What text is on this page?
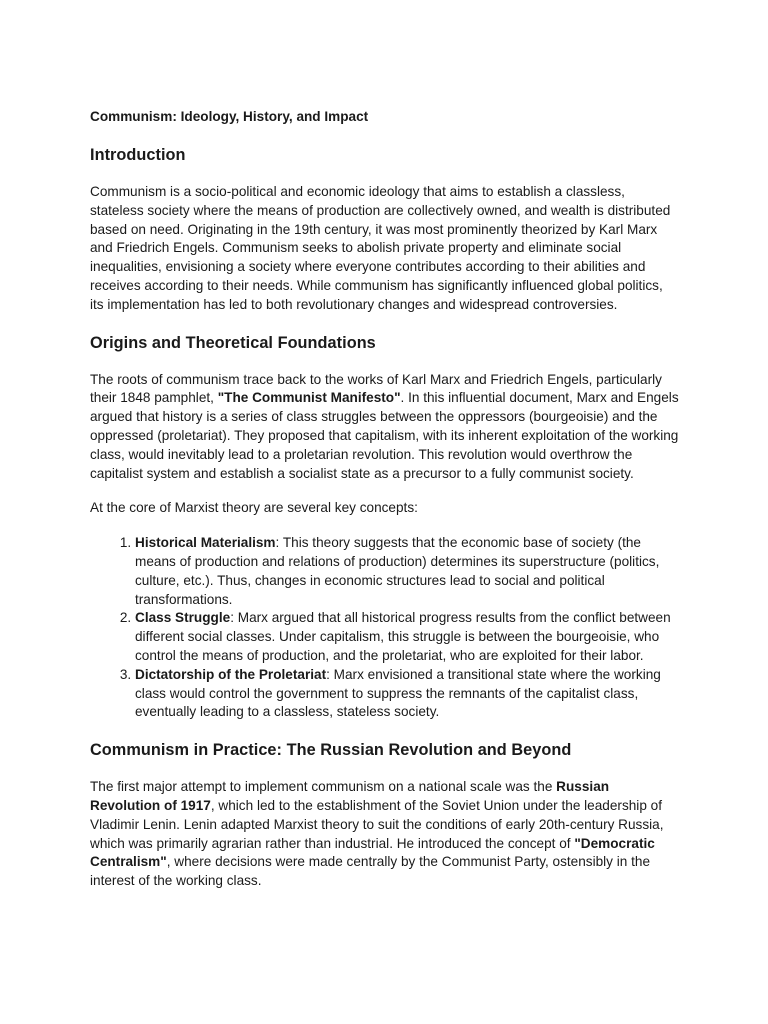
Communism: Ideology, History, and Impact
Introduction

Communism is a socio-political and economic ideology that aims to establish a classless, stateless society where the means of production are collectively owned, and wealth is distributed based on need. Originating in the 19th century, it was most prominently theorized by Karl Marx and Friedrich Engels. Communism seeks to abolish private property and eliminate social inequalities, envisioning a society where everyone contributes according to their abilities and receives according to their needs. While communism has significantly influenced global politics, its implementation has led to both revolutionary changes and widespread controversies.

Origins and Theoretical Foundations

The roots of communism trace back to the works of Karl Marx and Friedrich Engels, particularly their 1848 pamphlet, "The Communist Manifesto". In this influential document, Marx and Engels argued that history is a series of class struggles between the oppressors (bourgeoisie) and the oppressed (proletariat). They proposed that capitalism, with its inherent exploitation of the working class, would inevitably lead to a proletarian revolution. This revolution would overthrow the capitalist system and establish a socialist state as a precursor to a fully communist society.

At the core of Marxist theory are several key concepts:

1. Historical Materialism: This theory suggests that the economic base of society (the means of production and relations of production) determines its superstructure (politics, culture, etc.). Thus, changes in economic structures lead to social and political transformations.
2. Class Struggle: Marx argued that all historical progress results from the conflict between different social classes. Under capitalism, this struggle is between the bourgeoisie, who control the means of production, and the proletariat, who are exploited for their labor.
3. Dictatorship of the Proletariat: Marx envisioned a transitional state where the working class would control the government to suppress the remnants of the capitalist class, eventually leading to a classless, stateless society.
Communism in Practice: The Russian Revolution and Beyond

The first major attempt to implement communism on a national scale was the Russian Revolution of 1917, which led to the establishment of the Soviet Union under the leadership of Vladimir Lenin. Lenin adapted Marxist theory to suit the conditions of early 20th-century Russia, which was primarily agrarian rather than industrial. He introduced the concept of "Democratic Centralism", where decisions were made centrally by the Communist Party, ostensibly in the interest of the working class.
